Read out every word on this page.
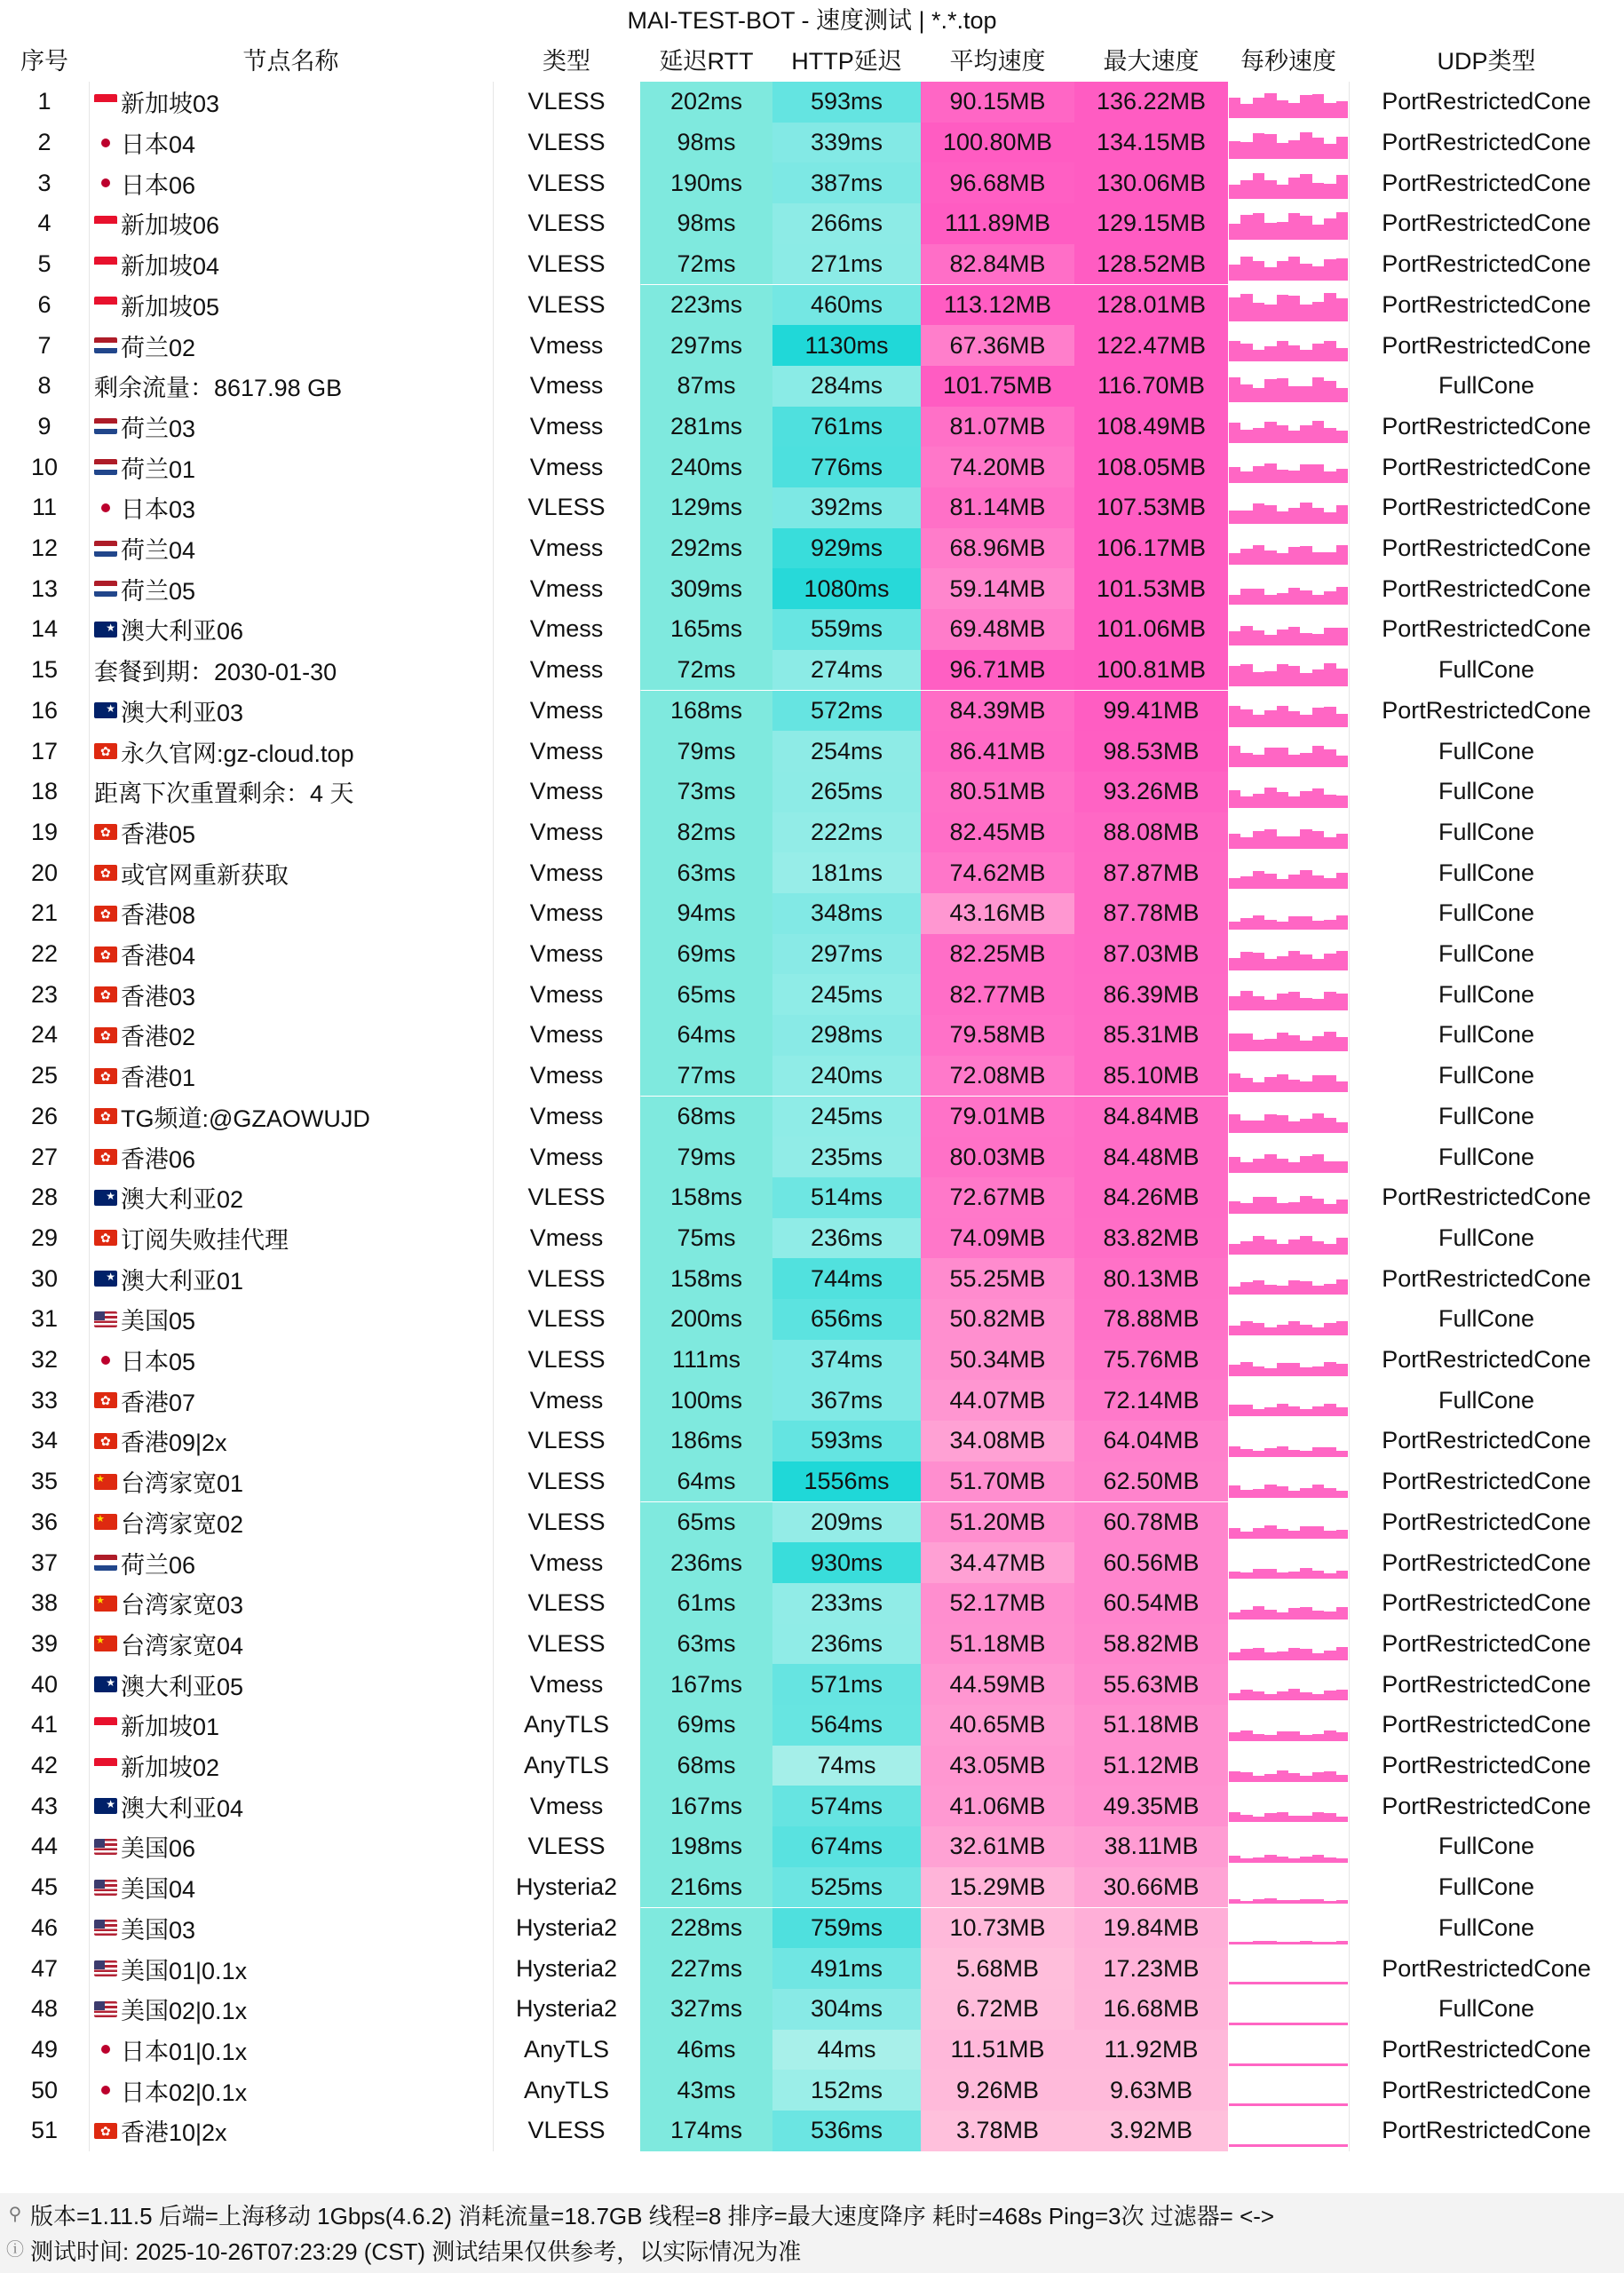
MAI-TEST-BOT - 速度测试 | *.*.top
序号	节点名称	类型	延迟RTT	HTTP延迟	平均速度	最大速度	每秒速度	UDP类型
1	新加坡03	VLESS	202ms	593ms	90.15MB	136.22MB	PortRestrictedCone
2	日本04	VLESS	98ms	339ms	100.80MB	134.15MB	PortRestrictedCone
3	日本06	VLESS	190ms	387ms	96.68MB	130.06MB	PortRestrictedCone
4	新加坡06	VLESS	98ms	266ms	111.89MB	129.15MB	PortRestrictedCone
5	新加坡04	VLESS	72ms	271ms	82.84MB	128.52MB	PortRestrictedCone
6	新加坡05	VLESS	223ms	460ms	113.12MB	128.01MB	PortRestrictedCone
7	荷兰02	Vmess	297ms	1130ms	67.36MB	122.47MB	PortRestrictedCone
8	剩余流量：8617.98 GB	Vmess	87ms	284ms	101.75MB	116.70MB	FullCone
9	荷兰03	Vmess	281ms	761ms	81.07MB	108.49MB	PortRestrictedCone
10	荷兰01	Vmess	240ms	776ms	74.20MB	108.05MB	PortRestrictedCone
11	日本03	VLESS	129ms	392ms	81.14MB	107.53MB	PortRestrictedCone
12	荷兰04	Vmess	292ms	929ms	68.96MB	106.17MB	PortRestrictedCone
13	荷兰05	Vmess	309ms	1080ms	59.14MB	101.53MB	PortRestrictedCone
14 ★	澳大利亚06	Vmess	165ms	559ms	69.48MB	101.06MB	PortRestrictedCone
15	套餐到期：2030-01-30	Vmess	72ms	274ms	96.71MB	100.81MB	FullCone
16 ★	澳大利亚03	Vmess	168ms	572ms	84.39MB	99.41MB	PortRestrictedCone
17 ✿	永久官网:gz-cloud.top	Vmess	79ms	254ms	86.41MB	98.53MB	FullCone
18	距离下次重置剩余：4 天	Vmess	73ms	265ms	80.51MB	93.26MB	FullCone
19 ✿	香港05	Vmess	82ms	222ms	82.45MB	88.08MB	FullCone
20 ✿	或官网重新获取	Vmess	63ms	181ms	74.62MB	87.87MB	FullCone
21 ✿	香港08	Vmess	94ms	348ms	43.16MB	87.78MB	FullCone
22 ✿	香港04	Vmess	69ms	297ms	82.25MB	87.03MB	FullCone
23 ✿	香港03	Vmess	65ms	245ms	82.77MB	86.39MB	FullCone
24 ✿	香港02	Vmess	64ms	298ms	79.58MB	85.31MB	FullCone
25 ✿	香港01	Vmess	77ms	240ms	72.08MB	85.10MB	FullCone
26 ✿	TG频道:@GZAOWUJD	Vmess	68ms	245ms	79.01MB	84.84MB	FullCone
27 ✿	香港06	Vmess	79ms	235ms	80.03MB	84.48MB	FullCone
28 ★	澳大利亚02	VLESS	158ms	514ms	72.67MB	84.26MB	PortRestrictedCone
29 ✿	订阅失败挂代理	Vmess	75ms	236ms	74.09MB	83.82MB	FullCone
30 ★	澳大利亚01	VLESS	158ms	744ms	55.25MB	80.13MB	PortRestrictedCone
31	美国05	VLESS	200ms	656ms	50.82MB	78.88MB	FullCone
32	日本05	VLESS	111ms	374ms	50.34MB	75.76MB	PortRestrictedCone
33 ✿	香港07	Vmess	100ms	367ms	44.07MB	72.14MB	FullCone
34 ✿	香港09|2x	VLESS	186ms	593ms	34.08MB	64.04MB	PortRestrictedCone
35 ★	台湾家宽01	VLESS	64ms	1556ms	51.70MB	62.50MB	PortRestrictedCone
36 ★	台湾家宽02	VLESS	65ms	209ms	51.20MB	60.78MB	PortRestrictedCone
37	荷兰06	Vmess	236ms	930ms	34.47MB	60.56MB	PortRestrictedCone
38 ★	台湾家宽03	VLESS	61ms	233ms	52.17MB	60.54MB	PortRestrictedCone
39 ★	台湾家宽04	VLESS	63ms	236ms	51.18MB	58.82MB	PortRestrictedCone
40 ★	澳大利亚05	Vmess	167ms	571ms	44.59MB	55.63MB	PortRestrictedCone
41	新加坡01	AnyTLS	69ms	564ms	40.65MB	51.18MB	PortRestrictedCone
42	新加坡02	AnyTLS	68ms	74ms	43.05MB	51.12MB	PortRestrictedCone
43 ★	澳大利亚04	Vmess	167ms	574ms	41.06MB	49.35MB	PortRestrictedCone
44	美国06	VLESS	198ms	674ms	32.61MB	38.11MB	FullCone
45	美国04	Hysteria2	216ms	525ms	15.29MB	30.66MB	FullCone
46	美国03	Hysteria2	228ms	759ms	10.73MB	19.84MB	FullCone
47	美国01|0.1x	Hysteria2	227ms	491ms	5.68MB	17.23MB	PortRestrictedCone
48	美国02|0.1x	Hysteria2	327ms	304ms	6.72MB	16.68MB	FullCone
49	日本01|0.1x	AnyTLS	46ms	44ms	11.51MB	11.92MB	PortRestrictedCone
50	日本02|0.1x	AnyTLS	43ms	152ms	9.26MB	9.63MB	PortRestrictedCone
51 ✿	香港10|2x	VLESS	174ms	536ms	3.78MB	3.92MB	PortRestrictedCone
⚲ 版本=1.11.5 后端=上海移动 1Gbps(4.6.2) 消耗流量=18.7GB 线程=8 排序=最大速度降序 耗时=468s Ping=3次 过滤器= <->
ⓘ 测试时间: 2025-10-26T07:23:29 (CST) 测试结果仅供参考，以实际情况为准
